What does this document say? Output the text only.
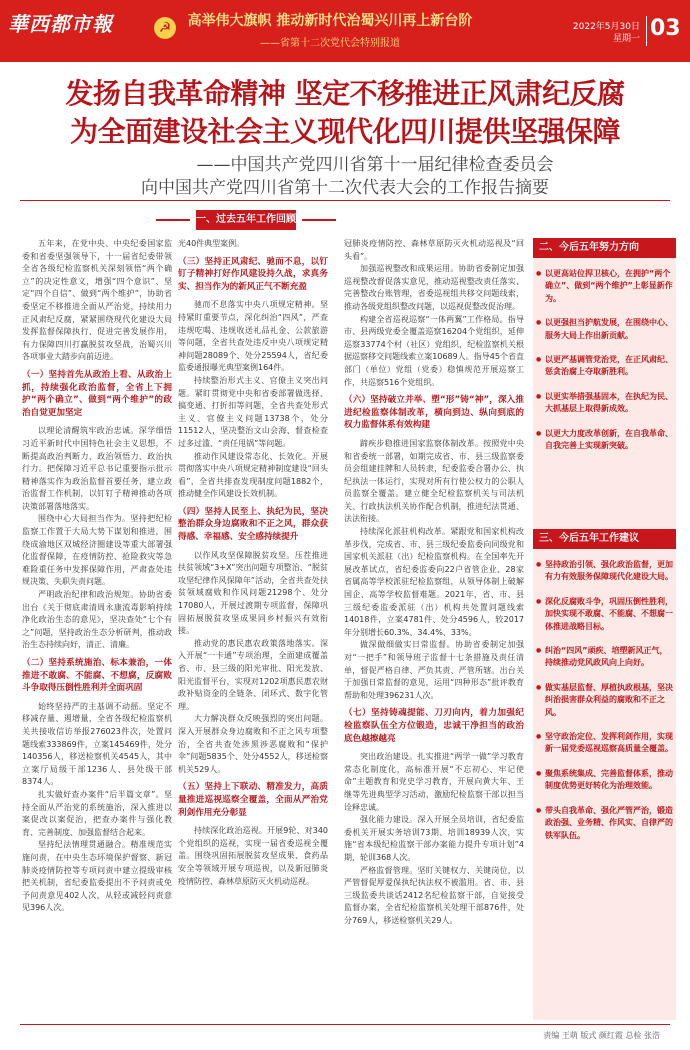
華西都市報	☭	高举伟大旗帜 推动新时代治蜀兴川再上新台阶
——省第十二次党代会特别报道
2022年5月30日
星期一 03
发扬自我革命精神 坚定不移推进正风肃纪反腐
为全面建设社会主义现代化四川提供坚强保障
——中国共产党四川省第十一届纪律检查委员会
向中国共产党四川省第十二次代表大会的工作报告摘要
一、过去五年工作回顾

五年来，在党中央、中央纪委国家监委和省委坚强领导下，十一届省纪委带领全省各级纪检监察机关深刻领悟“两个确立”的决定性意义，增强“四个意识”、坚定“四个自信”、做到“两个维护”，协助省委坚定不移推进全面从严治党，持续用力正风肃纪反腐，紧紧围绕现代化建设大局发挥监督保障执行、促进完善发展作用，有力保障四川打赢脱贫攻坚战，治蜀兴川各项事业大踏步向前迈进。

（一）坚持首先从政治上看、从政治上抓，持续强化政治监督，全省上下拥护“两个确立”、做到“两个维护”的政治自觉更加坚定

以理论清醒筑牢政治忠诚。深学细悟习近平新时代中国特色社会主义思想，不断提高政治判断力、政治领悟力、政治执行力。把保障习近平总书记重要指示批示精神落实作为政治监督首要任务，建立政治监督工作机制，以钉钉子精神推动各项决策部署落地落实。

围绕中心大局担当作为。坚持把纪检监察工作置于大局大势下谋划和推进，围绕成渝地区双城经济圈建设等重大部署强化监督保障，在疫情防控、抢险救灾等急难险重任务中发挥保障作用，严肃查处违规决策、失职失责问题。

严明政治纪律和政治规矩。协助省委出台《关于彻底肃清周永康流毒影响持续净化政治生态的意见》，坚决查处“七个有之”问题，坚持政治生态分析研判，推动政治生态持续向好，清正、清廉。

（二）坚持系统施治、标本兼治，一体推进不敢腐、不能腐、不想腐，反腐败斗争取得压倒性胜利并全面巩固

始终坚持严的主基调不动摇。坚定不移减存量、遏增量，全省各级纪检监察机关共接收信访举报276023件次，处置问题线索333869件，立案145469件，处分140356人，移送检察机关4545人，其中立案厅局级干部1236人、县处级干部8374人。

扎实做好查办案件“后半篇文章”。坚持全面从严治党的系统施治，深入推进以案促改以案促治，把查办案件与强化教育、完善制度、加强监督结合起来。

坚持纪法情理贯通融合。精准规范实施问责，在中央生态环境保护督察、新冠肺炎疫情防控等专项问责中建立提级审核把关机制，省纪委监委提出不予问责或免予问责意见402人次，从轻或减轻问责意见396人次。

光40件典型案例。

（三）坚持正风肃纪、驰而不息，以钉钉子精神打好作风建设持久战，求真务实、担当作为的新风正气不断充盈

驰而不息落实中央八项规定精神。坚持紧盯重要节点，深化纠治“四风”，严查违规吃喝、违规收送礼品礼金、公款旅游等问题，全省共查处违反中央八项规定精神问题28089个、处分25594人，省纪委监委通报曝光典型案例164件。

持续整治形式主义、官僚主义突出问题。紧盯贯彻党中央和省委部署做选择、搞变通、打折扣等问题，全省共查处形式主义、官僚主义问题13738个，处分11512人，坚决整治文山会海、督查检查过多过滥、“责任甩锅”等问题。

推动作风建设常态化、长效化。开展贯彻落实中央八项规定精神制度建设“回头看”，全省共排查发现制度问题1882个，推动健全作风建设长效机制。

（四）坚持人民至上、执纪为民，坚决整治群众身边腐败和不正之风，群众获得感、幸福感、安全感持续提升

以作风攻坚保障脱贫攻坚。压茬推进扶贫领域“3+X”突出问题专项整治、“脱贫攻坚纪律作风保障年”活动，全省共查处扶贫领域腐败和作风问题21298个、处分17080人，开展过渡期专项监督，保障巩固拓展脱贫攻坚成果同乡村振兴有效衔接。

推动党的惠民惠农政策落地落实。深入开展“一卡通”专项治理，全面建成覆盖省、市、县三级的阳光审批、阳光发放、阳光监督平台，实现对1202项惠民惠农财政补贴资金的全链条、闭环式、数字化管理。

大力解决群众反映强烈的突出问题。深入开展群众身边腐败和不正之风专项整治，全省共查处涉黑涉恶腐败和“保护伞”问题5835个、处分4552人，移送检察机关529人。

（五）坚持上下联动、精准发力，高质量推进巡视巡察全覆盖，全面从严治党利剑作用充分彰显

持续深化政治巡视。开展9轮、对340个党组织的巡视，实现一届省委巡视全覆盖。围绕巩固拓展脱贫攻坚成果、食药品安全等领域开展专项巡视，以及新冠肺炎疫情防控、森林草原防灭火机动巡视。

冠肺炎疫情防控、森林草原防灭火机动巡视及“回头看”。

加强巡视整改和成果运用。协助省委制定加强巡视整改督促落实意见，推动巡视整改责任落实、完善整改台账管理，省委巡视组共移交问题线索，推动各级党组织整改问题，以巡视促整改促治理。

构建全省巡视巡察“一体两翼”工作格局。指导市、县两级党委全覆盖巡察16204个党组织，延伸巡察33774个村（社区）党组织，纪检监察机关根据巡察移交问题线索立案10689人。指导45个省直部门（单位）党组（党委）稳慎规范开展巡察工作，共巡察516个党组织。

（六）坚持破立并举、塑“形”铸“神”，深入推进纪检监察体制改革，横向到边、纵向到底的权力监督体系有效构建

蹄疾步稳推进国家监察体制改革。按照党中央和省委统一部署，如期完成省、市、县三级监察委员会组建挂牌和人员转隶，纪委监委合署办公、执纪执法一体运行，实现对所有行使公权力的公职人员监察全覆盖。建立健全纪检监察机关与司法机关、行政执法机关协作配合机制，推进纪法贯通、法法衔接。

持续深化派驻机构改革。紧跟党和国家机构改革步伐，完成省、市、县三级纪委监委向同级党和国家机关派驻（出）纪检监察机构。在全国率先开展改革试点，省纪委监委向22户省管企业、28家省属高等学校派驻纪检监察组，从领导体制上破解国企、高等学校监督难题。2021年，省、市、县三级纪委监委派驻（出）机构共处置问题线索14018件，立案4781件、处分4596人，较2017年分别增长60.3%、34.4%、33%。

做深做细做实日常监督。协助省委制定加强对“一把手”和领导班子监督十七条措施及责任清单，督促严格自律、严负其责、严管所辖。出台关于加强日常监督的意见，运用“四种形态”批评教育帮助和处理396231人次。

（七）坚持铸魂提能、刀刃向内，着力加强纪检监察队伍全方位锻造，忠诚干净担当的政治底色越擦越亮

突出政治建设。扎实推进“两学一做”学习教育常态化制度化，高标准开展“不忘初心、牢记使命”主题教育和党史学习教育，开展向黄大年、王继等先进典型学习活动，激励纪检监察干部以担当诠释忠诚。

强化能力建设。深入开展全员培训，省纪委监委机关开展实务培训73期、培训18939人次，实施“省本级纪检监察干部办案能力提升专项计划”4期，轮训368人次。

严格监督管理。坚盯关键权力、关键岗位，以严管督促厚爱保执纪执法权不被滥用。省、市、县三级监委共谈话2412名纪检监察干部，自觉接受监督办案，全省纪检监察机关处理干部876件，处分769人，移送检察机关29人。

二、今后五年努力方向
● 以更高站位捍卫核心，在拥护“两个确立”、做到“两个维护”上彰显新作为。
● 以更强担当护航发展，在围绕中心、服务大局上作出新贡献。
● 以更严基调管党治党，在正风肃纪、惩贪治腐上夺取新胜利。
● 以更实举措强基固本，在执纪为民、大抓基层上取得新成效。
● 以更大力度改革创新，在自我革命、自我完善上实现新突破。
三、今后五年工作建议
● 坚持政治引领、强化政治监督，更加有力有效服务保障现代化建设大局。
● 深化反腐败斗争，巩固压倒性胜利，加快实现不敢腐、不能腐、不想腐一体推进战略目标。
● 纠治“四风”顽疾、培塑新风正气，持续推动党风政风向上向好。
● 做实基层监督、厚植执政根基，坚决纠治损害群众利益的腐败和不正之风。
● 坚守政治定位、发挥利剑作用，实现新一届党委巡视巡察高质量全覆盖。
● 聚焦系统集成、完善监督体系，推动制度优势更好转化为治理效能。
● 带头自我革命、强化严管严治，锻造政治强、业务精、作风实、自律严的铁军队伍。
责编 王萌 版式 颜红霞 总检 张浩
